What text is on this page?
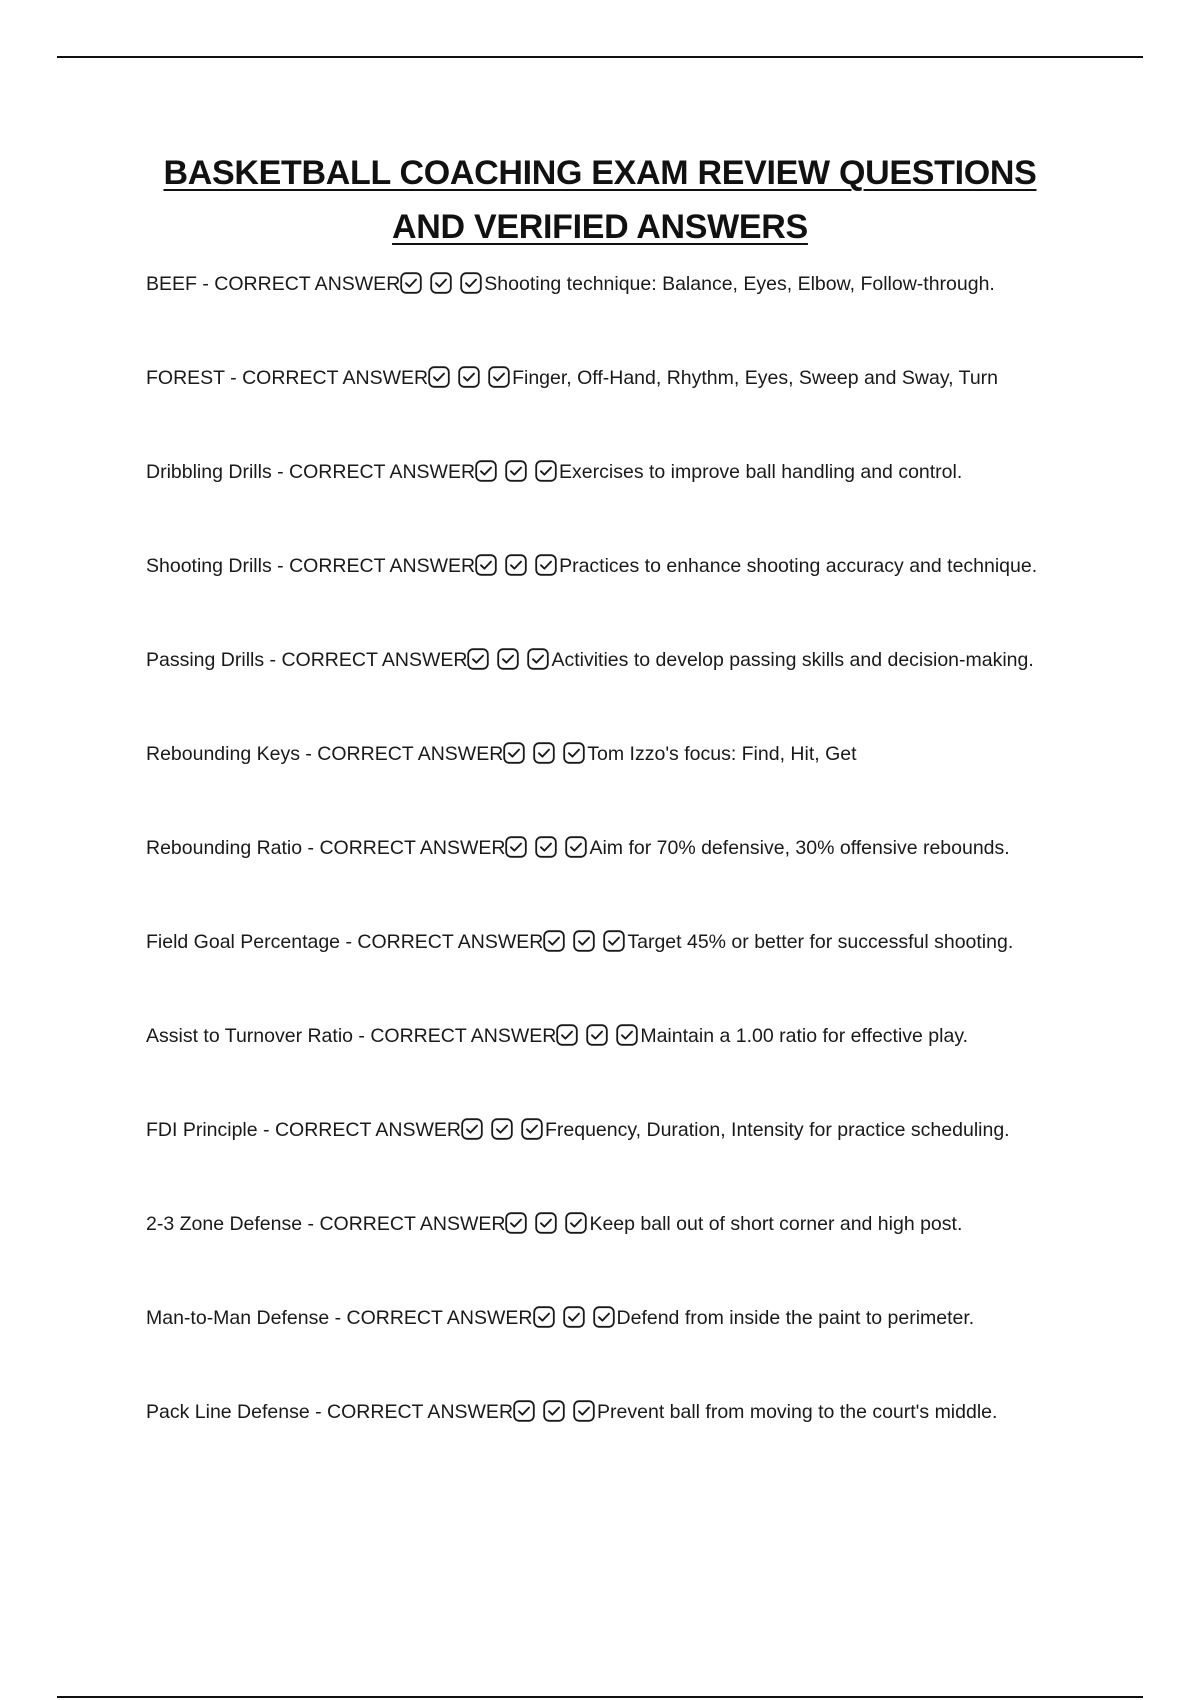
BASKETBALL COACHING EXAM REVIEW QUESTIONS
AND VERIFIED ANSWERS
BEEF - CORRECT ANSWER	Shooting technique: Balance, Eyes, Elbow, Follow-through.
FOREST - CORRECT ANSWER	Finger, Off-Hand, Rhythm, Eyes, Sweep and Sway, Turn
Dribbling Drills - CORRECT ANSWER	Exercises to improve ball handling and control.
Shooting Drills - CORRECT ANSWER	Practices to enhance shooting accuracy and technique.
Passing Drills - CORRECT ANSWER	Activities to develop passing skills and decision-making.
Rebounding Keys - CORRECT ANSWER	Tom Izzo's focus: Find, Hit, Get
Rebounding Ratio - CORRECT ANSWER	Aim for 70% defensive, 30% offensive rebounds.
Field Goal Percentage - CORRECT ANSWER	Target 45% or better for successful shooting.
Assist to Turnover Ratio - CORRECT ANSWER	Maintain a 1.00 ratio for effective play.
FDI Principle - CORRECT ANSWER	Frequency, Duration, Intensity for practice scheduling.
2-3 Zone Defense - CORRECT ANSWER	Keep ball out of short corner and high post.
Man-to-Man Defense - CORRECT ANSWER	Defend from inside the paint to perimeter.
Pack Line Defense - CORRECT ANSWER	Prevent ball from moving to the court's middle.
